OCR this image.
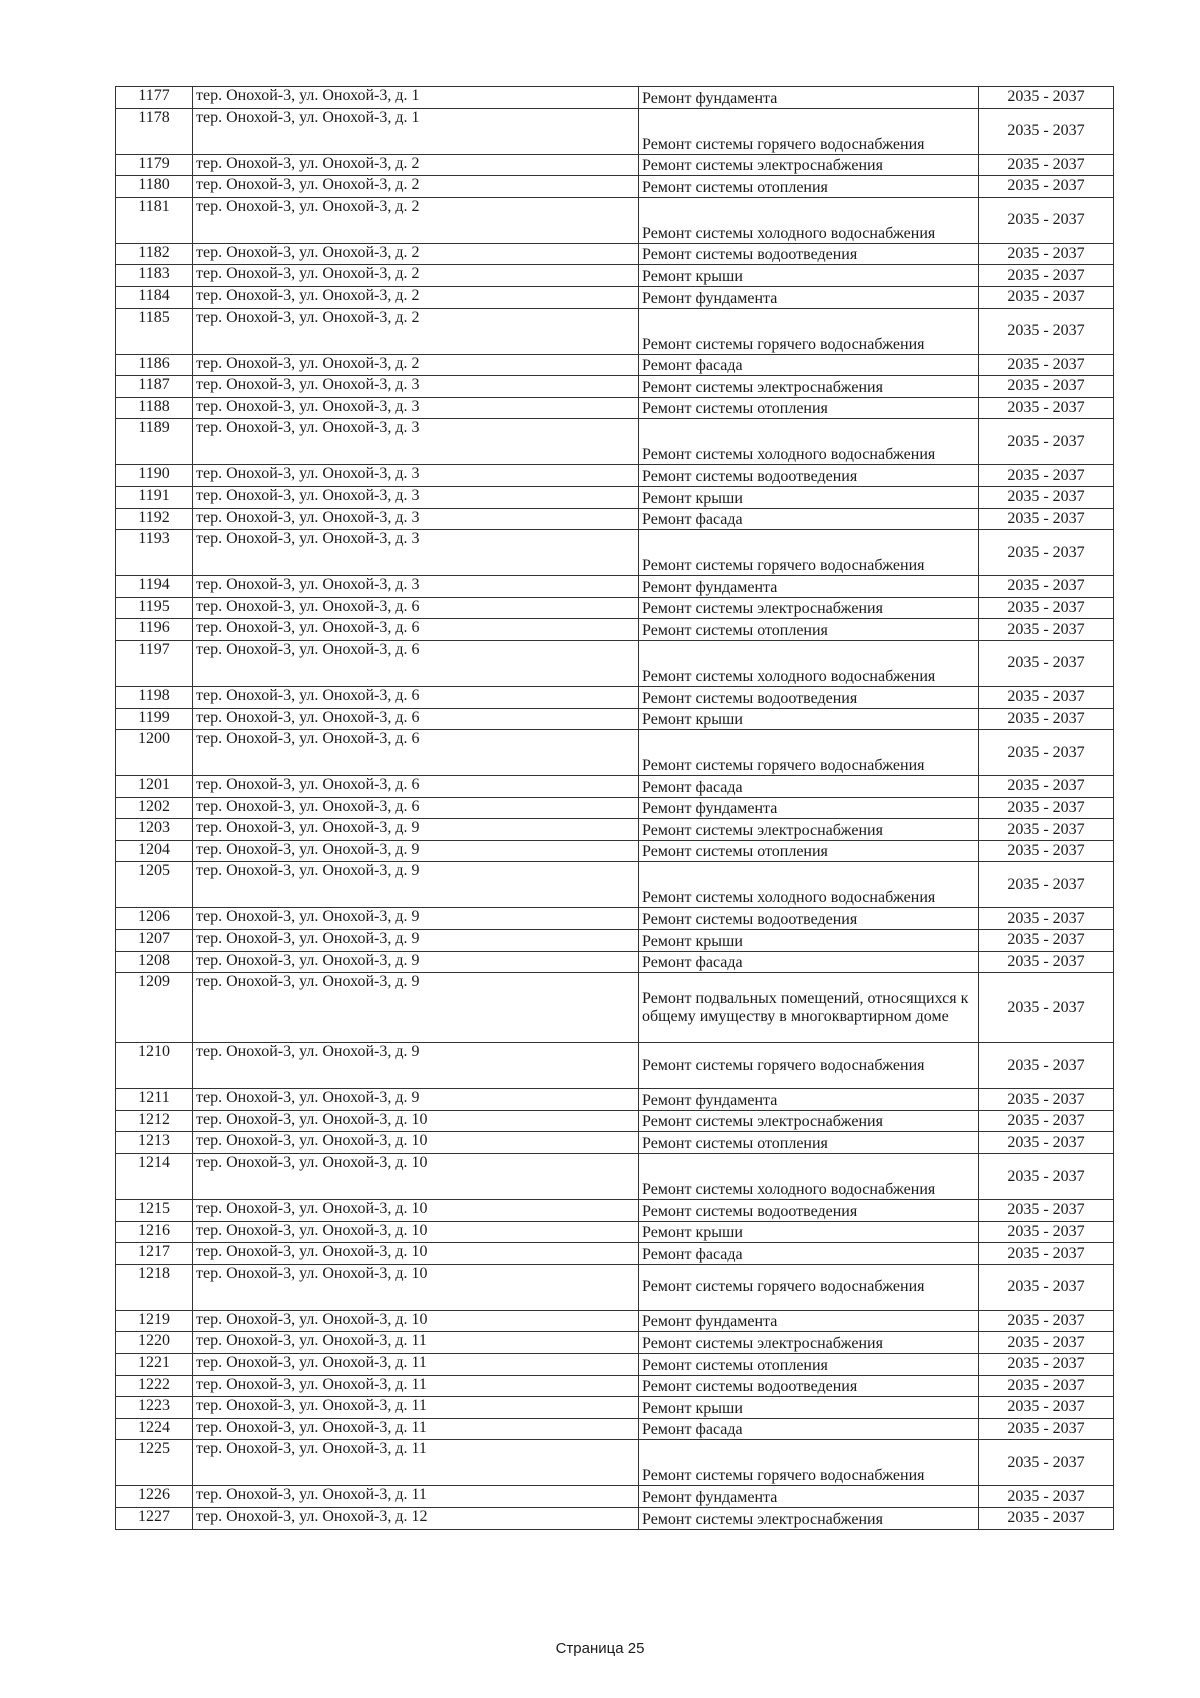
1177	тер. Онохой-3, ул. Онохой-3, д. 1	Ремонт фундамента	2035 - 2037
1178	тер. Онохой-3, ул. Онохой-3, д. 1	Ремонт системы горячего водоснабжения	2035 - 2037
1179	тер. Онохой-3, ул. Онохой-3, д. 2	Ремонт системы электроснабжения	2035 - 2037
1180	тер. Онохой-3, ул. Онохой-3, д. 2	Ремонт системы отопления	2035 - 2037
1181	тер. Онохой-3, ул. Онохой-3, д. 2	Ремонт системы холодного водоснабжения	2035 - 2037
1182	тер. Онохой-3, ул. Онохой-3, д. 2	Ремонт системы водоотведения	2035 - 2037
1183	тер. Онохой-3, ул. Онохой-3, д. 2	Ремонт крыши	2035 - 2037
1184	тер. Онохой-3, ул. Онохой-3, д. 2	Ремонт фундамента	2035 - 2037
1185	тер. Онохой-3, ул. Онохой-3, д. 2	Ремонт системы горячего водоснабжения	2035 - 2037
1186	тер. Онохой-3, ул. Онохой-3, д. 2	Ремонт фасада	2035 - 2037
1187	тер. Онохой-3, ул. Онохой-3, д. 3	Ремонт системы электроснабжения	2035 - 2037
1188	тер. Онохой-3, ул. Онохой-3, д. 3	Ремонт системы отопления	2035 - 2037
1189	тер. Онохой-3, ул. Онохой-3, д. 3	Ремонт системы холодного водоснабжения	2035 - 2037
1190	тер. Онохой-3, ул. Онохой-3, д. 3	Ремонт системы водоотведения	2035 - 2037
1191	тер. Онохой-3, ул. Онохой-3, д. 3	Ремонт крыши	2035 - 2037
1192	тер. Онохой-3, ул. Онохой-3, д. 3	Ремонт фасада	2035 - 2037
1193	тер. Онохой-3, ул. Онохой-3, д. 3	Ремонт системы горячего водоснабжения	2035 - 2037
1194	тер. Онохой-3, ул. Онохой-3, д. 3	Ремонт фундамента	2035 - 2037
1195	тер. Онохой-3, ул. Онохой-3, д. 6	Ремонт системы электроснабжения	2035 - 2037
1196	тер. Онохой-3, ул. Онохой-3, д. 6	Ремонт системы отопления	2035 - 2037
1197	тер. Онохой-3, ул. Онохой-3, д. 6	Ремонт системы холодного водоснабжения	2035 - 2037
1198	тер. Онохой-3, ул. Онохой-3, д. 6	Ремонт системы водоотведения	2035 - 2037
1199	тер. Онохой-3, ул. Онохой-3, д. 6	Ремонт крыши	2035 - 2037
1200	тер. Онохой-3, ул. Онохой-3, д. 6	Ремонт системы горячего водоснабжения	2035 - 2037
1201	тер. Онохой-3, ул. Онохой-3, д. 6	Ремонт фасада	2035 - 2037
1202	тер. Онохой-3, ул. Онохой-3, д. 6	Ремонт фундамента	2035 - 2037
1203	тер. Онохой-3, ул. Онохой-3, д. 9	Ремонт системы электроснабжения	2035 - 2037
1204	тер. Онохой-3, ул. Онохой-3, д. 9	Ремонт системы отопления	2035 - 2037
1205	тер. Онохой-3, ул. Онохой-3, д. 9	Ремонт системы холодного водоснабжения	2035 - 2037
1206	тер. Онохой-3, ул. Онохой-3, д. 9	Ремонт системы водоотведения	2035 - 2037
1207	тер. Онохой-3, ул. Онохой-3, д. 9	Ремонт крыши	2035 - 2037
1208	тер. Онохой-3, ул. Онохой-3, д. 9	Ремонт фасада	2035 - 2037
1209	тер. Онохой-3, ул. Онохой-3, д. 9	Ремонт подвальных помещений, относящихся к общему имуществу в многоквартирном доме	2035 - 2037
1210	тер. Онохой-3, ул. Онохой-3, д. 9	Ремонт системы горячего водоснабжения	2035 - 2037
1211	тер. Онохой-3, ул. Онохой-3, д. 9	Ремонт фундамента	2035 - 2037
1212	тер. Онохой-3, ул. Онохой-3, д. 10	Ремонт системы электроснабжения	2035 - 2037
1213	тер. Онохой-3, ул. Онохой-3, д. 10	Ремонт системы отопления	2035 - 2037
1214	тер. Онохой-3, ул. Онохой-3, д. 10	Ремонт системы холодного водоснабжения	2035 - 2037
1215	тер. Онохой-3, ул. Онохой-3, д. 10	Ремонт системы водоотведения	2035 - 2037
1216	тер. Онохой-3, ул. Онохой-3, д. 10	Ремонт крыши	2035 - 2037
1217	тер. Онохой-3, ул. Онохой-3, д. 10	Ремонт фасада	2035 - 2037
1218	тер. Онохой-3, ул. Онохой-3, д. 10	Ремонт системы горячего водоснабжения	2035 - 2037
1219	тер. Онохой-3, ул. Онохой-3, д. 10	Ремонт фундамента	2035 - 2037
1220	тер. Онохой-3, ул. Онохой-3, д. 11	Ремонт системы электроснабжения	2035 - 2037
1221	тер. Онохой-3, ул. Онохой-3, д. 11	Ремонт системы отопления	2035 - 2037
1222	тер. Онохой-3, ул. Онохой-3, д. 11	Ремонт системы водоотведения	2035 - 2037
1223	тер. Онохой-3, ул. Онохой-3, д. 11	Ремонт крыши	2035 - 2037
1224	тер. Онохой-3, ул. Онохой-3, д. 11	Ремонт фасада	2035 - 2037
1225	тер. Онохой-3, ул. Онохой-3, д. 11	Ремонт системы горячего водоснабжения	2035 - 2037
1226	тер. Онохой-3, ул. Онохой-3, д. 11	Ремонт фундамента	2035 - 2037
1227	тер. Онохой-3, ул. Онохой-3, д. 12	Ремонт системы электроснабжения	2035 - 2037
Страница 25
